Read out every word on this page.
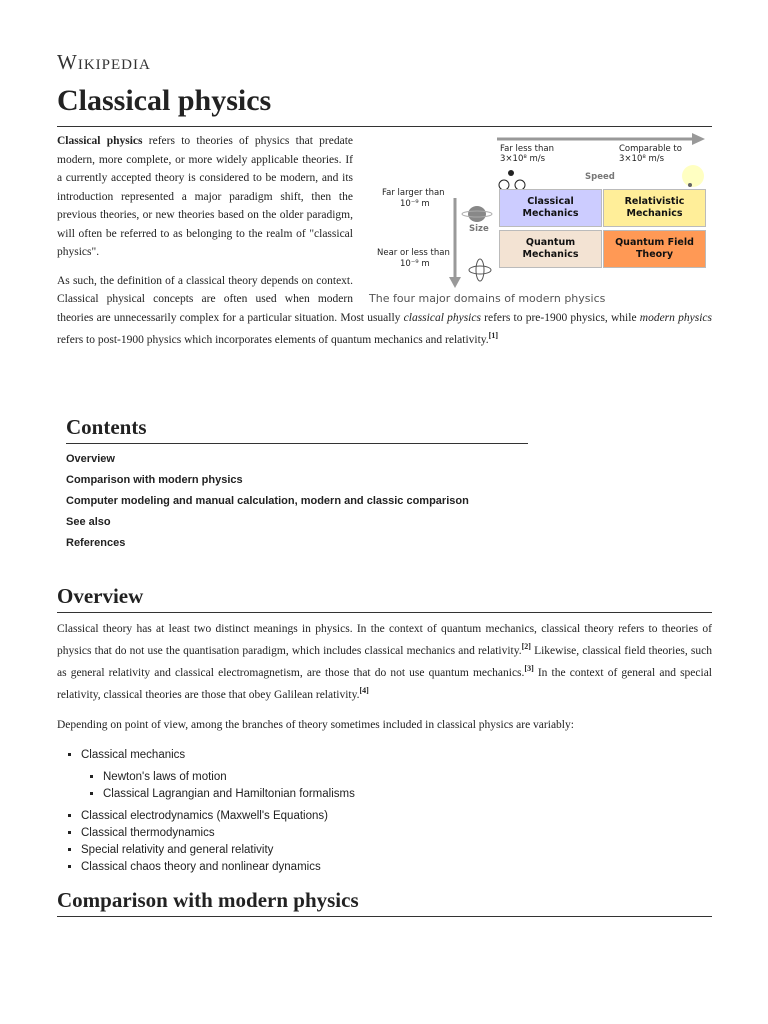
Wikipedia
Classical physics
Far less than
3×10⁸ m/s
Comparable to
3×10⁸ m/s
Speed
Size
Far larger than
10⁻⁹ m
Near or less than
10⁻⁹ m
Classical Mechanics
Relativistic Mechanics
Quantum Mechanics
Quantum Field Theory
The four major domains of modern physics

Classical physics refers to theories of physics that predate modern, more complete, or more widely applicable theories. If a currently accepted theory is considered to be modern, and its introduction represented a major paradigm shift, then the previous theories, or new theories based on the older paradigm, will often be referred to as belonging to the realm of "classical physics".

As such, the definition of a classical theory depends on context. Classical physical concepts are often used when modern theories are unnecessarily complex for a particular situation. Most usually classical physics refers to pre-1900 physics, while modern physics refers to post-1900 physics which incorporates elements of quantum mechanics and relativity.[1]

Contents
Overview
Comparison with modern physics
Computer modeling and manual calculation, modern and classic comparison
See also
References
Overview

Classical theory has at least two distinct meanings in physics. In the context of quantum mechanics, classical theory refers to theories of physics that do not use the quantisation paradigm, which includes classical mechanics and relativity.[2] Likewise, classical field theories, such as general relativity and classical electromagnetism, are those that do not use quantum mechanics.[3] In the context of general and special relativity, classical theories are those that obey Galilean relativity.[4]

Depending on point of view, among the branches of theory sometimes included in classical physics are variably:

▪ Classical mechanics
▪ Newton's laws of motion
▪ Classical Lagrangian and Hamiltonian formalisms
▪ Classical electrodynamics (Maxwell's Equations)
▪ Classical thermodynamics
▪ Special relativity and general relativity
▪ Classical chaos theory and nonlinear dynamics
Comparison with modern physics
